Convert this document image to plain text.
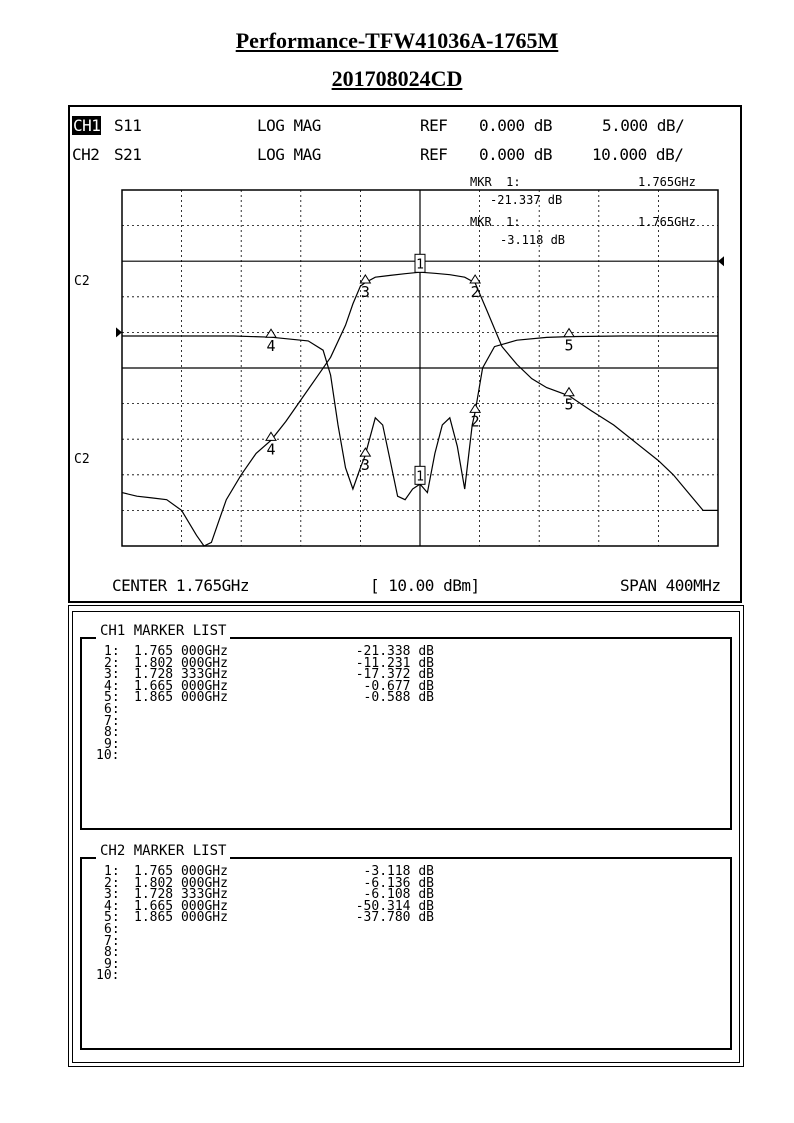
Performance-TFW41036A-1765M
201708024CD
CH1 S11	LOG MAG	REF 0.000 dB	5.000 dB/
CH2 S21	LOG MAG	REF 0.000 dB 10.000 dB/
MKR  1:	1.765GHz
-21.337 dB
MKR  1:	1.765GHz
-3.118 dB
C2
C2
1
2
3
4
5
1
2
3
4	5
CENTER 1.765GHz	[ 10.00 dBm]	SPAN 400MHz
CH1 MARKER LIST
1: 1.765 000GHz	-21.338 dB
2: 1.802 000GHz	-11.231 dB
3: 1.728 333GHz	-17.372 dB
4: 1.665 000GHz	-0.677 dB
5: 1.865 000GHz	-0.588 dB
6:
7:
8:
9:
10:
CH2 MARKER LIST
1: 1.765 000GHz	-3.118 dB
2: 1.802 000GHz	-6.136 dB
3: 1.728 333GHz	-6.108 dB
4: 1.665 000GHz	-50.314 dB
5: 1.865 000GHz	-37.780 dB
6:
7:
8:
9:
10:
